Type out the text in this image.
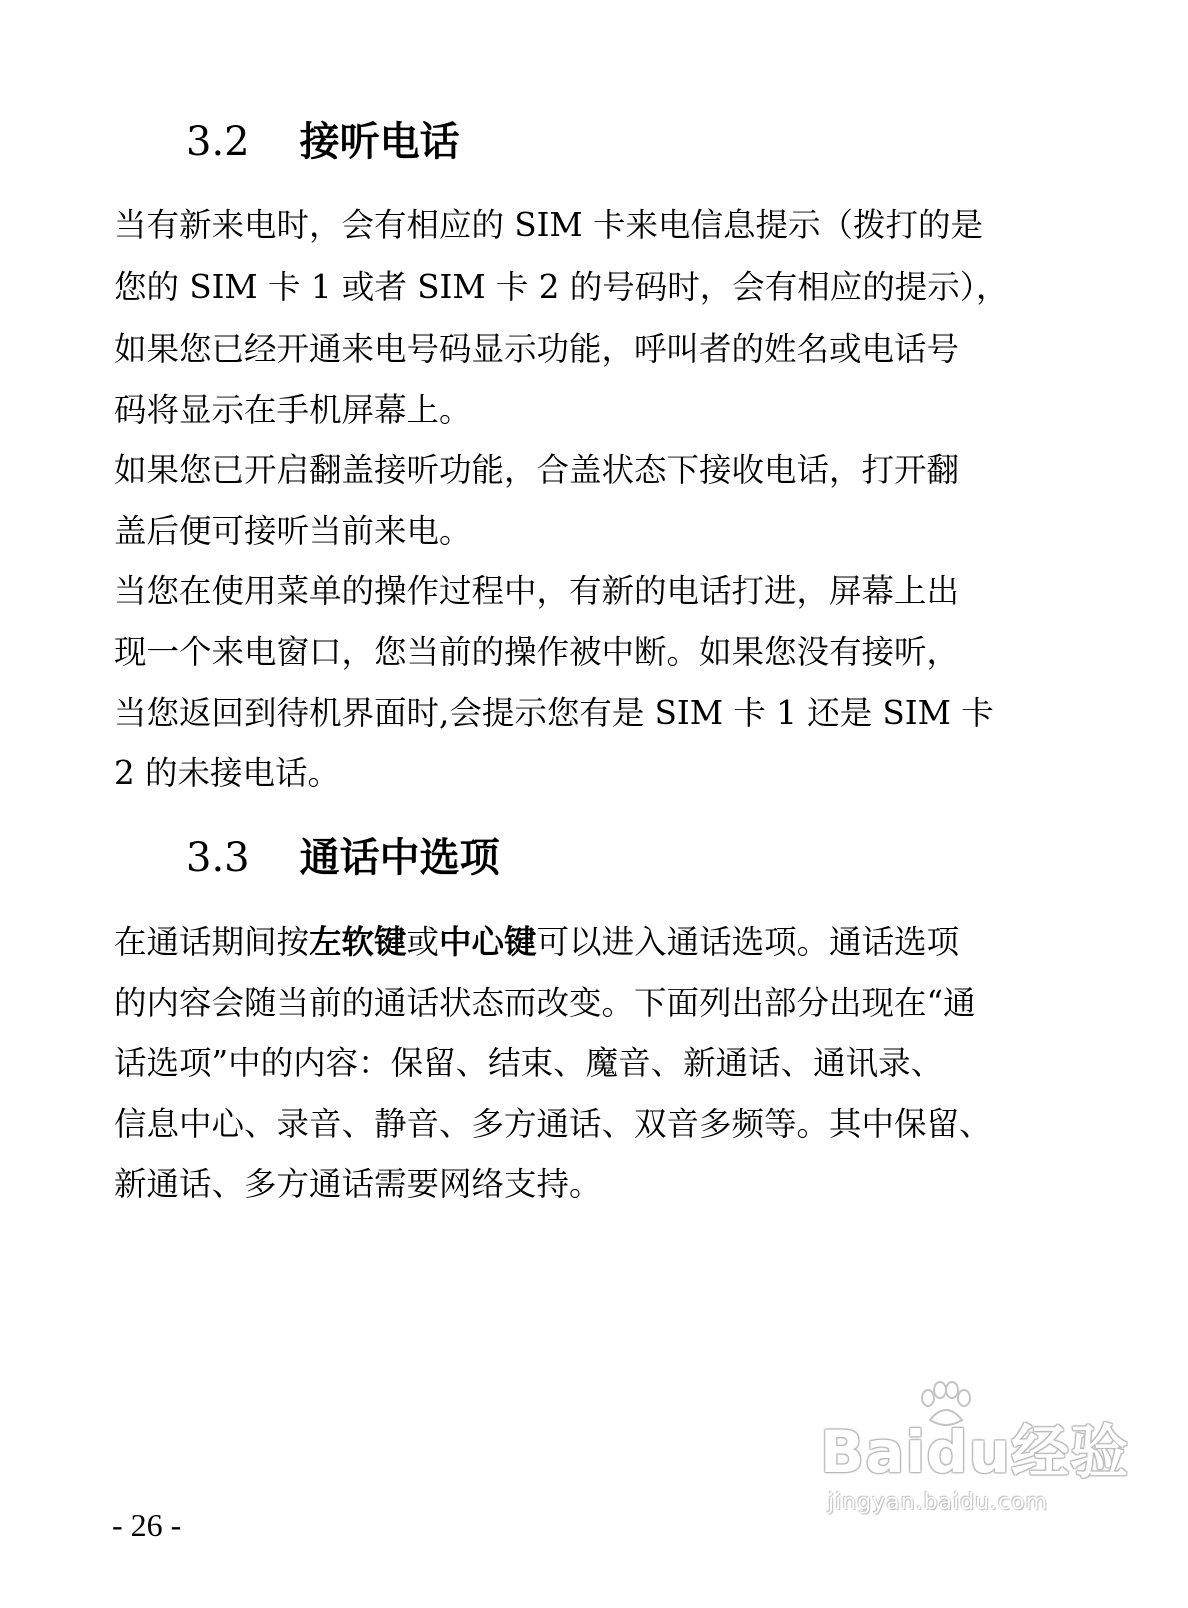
3.2 接听电话

当有新来电时，会有相应的 SIM 卡来电信息提示（拨打的是

您的 SIM 卡 1 或者 SIM 卡 2 的号码时，会有相应的提示），

如果您已经开通来电号码显示功能，呼叫者的姓名或电话号

码将显示在手机屏幕上。

如果您已开启翻盖接听功能，合盖状态下接收电话，打开翻

盖后便可接听当前来电。

当您在使用菜单的操作过程中，有新的电话打进，屏幕上出

现一个来电窗口，您当前的操作被中断。如果您没有接听，

当您返回到待机界面时,会提示您有是 SIM 卡 1 还是 SIM 卡

2 的未接电话。

3.3 通话中选项

在通话期间按左软键或中心键可以进入通话选项。通话选项

的内容会随当前的通话状态而改变。下面列出部分出现在“通

话选项”中的内容：保留、结束、魔音、新通话、通讯录、

信息中心、录音、静音、多方通话、双音多频等。其中保留、

新通话、多方通话需要网络支持。

- 26 -

Baidu经验
jingyan.baidu.com
